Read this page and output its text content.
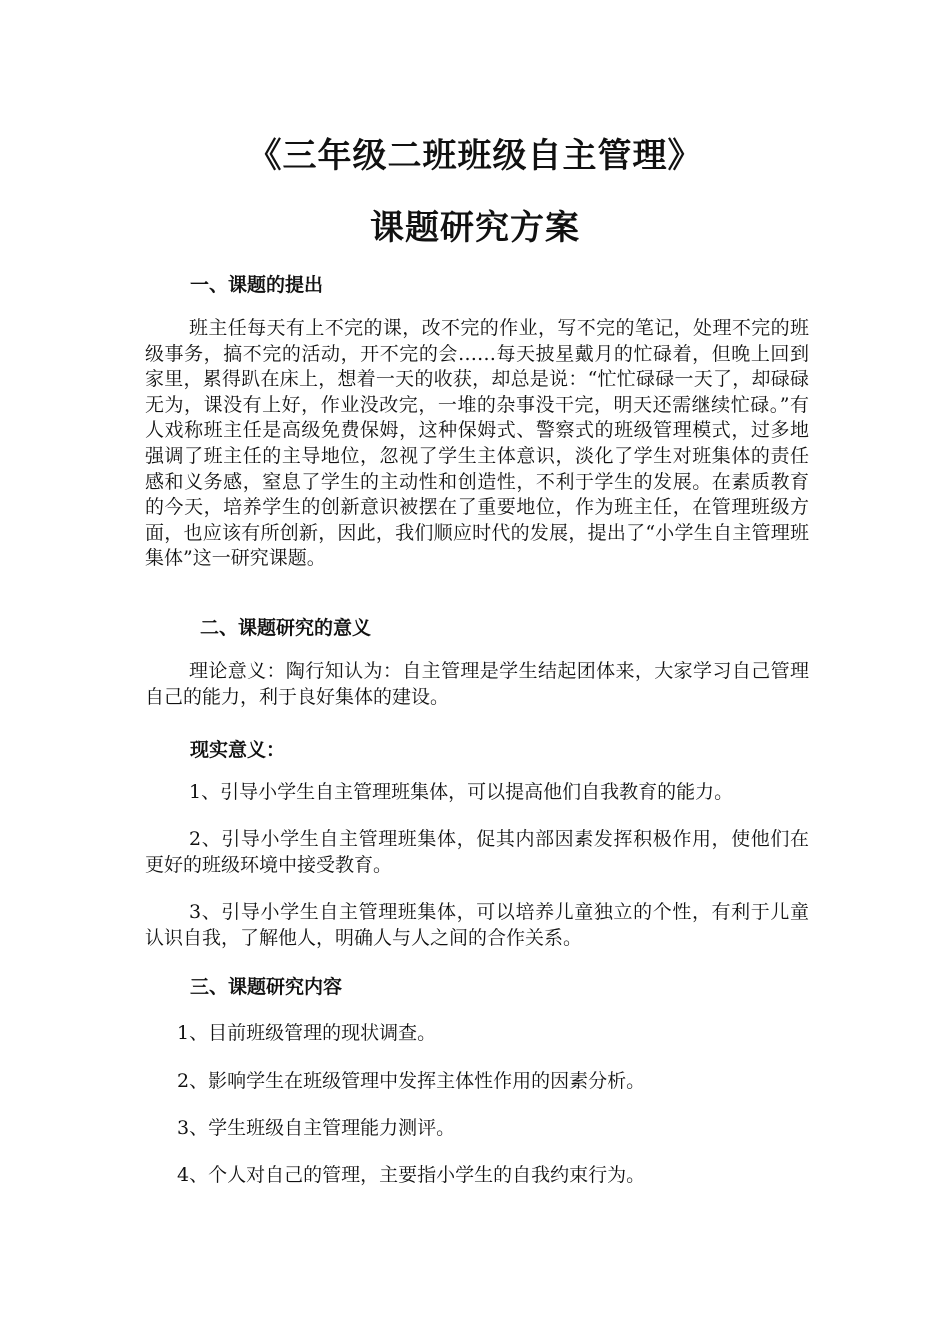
《三年级二班班级自主管理》
课题研究方案
一、课题的提出

班主任每天有上不完的课，改不完的作业，写不完的笔记，处理不完的班级事务，搞不完的活动，开不完的会……每天披星戴月的忙碌着，但晚上回到家里，累得趴在床上，想着一天的收获，却总是说：“忙忙碌碌一天了，却碌碌无为，课没有上好，作业没改完，一堆的杂事没干完，明天还需继续忙碌。”有人戏称班主任是高级免费保姆，这种保姆式、警察式的班级管理模式，过多地强调了班主任的主导地位，忽视了学生主体意识，淡化了学生对班集体的责任感和义务感，窒息了学生的主动性和创造性，不利于学生的发展。在素质教育的今天，培养学生的创新意识被摆在了重要地位，作为班主任，在管理班级方面，也应该有所创新，因此，我们顺应时代的发展，提出了“小学生自主管理班集体”这一研究课题。

二、课题研究的意义

理论意义：陶行知认为：自主管理是学生结起团体来，大家学习自己管理自己的能力，利于良好集体的建设。

现实意义：

1、引导小学生自主管理班集体，可以提高他们自我教育的能力。

2、引导小学生自主管理班集体，促其内部因素发挥积极作用，使他们在更好的班级环境中接受教育。

3、引导小学生自主管理班集体，可以培养儿童独立的个性，有利于儿童认识自我，了解他人，明确人与人之间的合作关系。

三、课题研究内容

1、目前班级管理的现状调查。

2、影响学生在班级管理中发挥主体性作用的因素分析。

3、学生班级自主管理能力测评。

4、个人对自己的管理，主要指小学生的自我约束行为。
